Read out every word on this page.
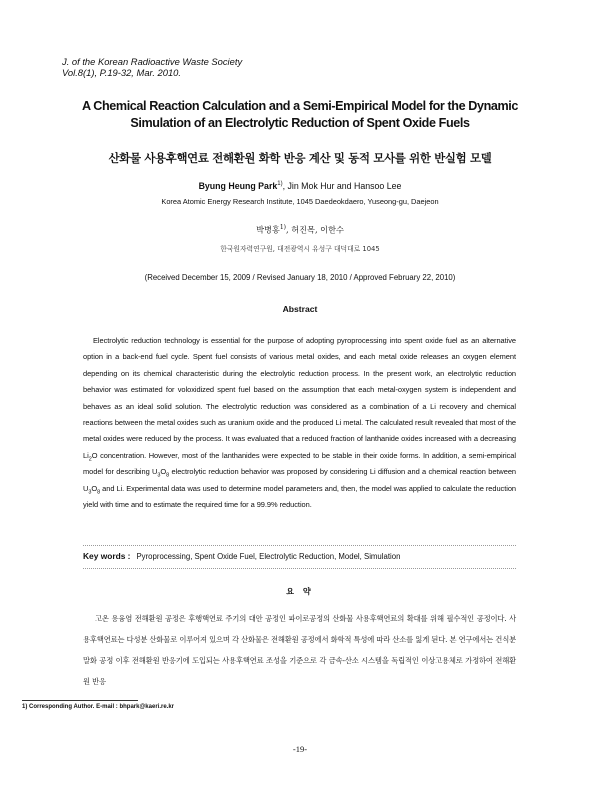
J. of the Korean Radioactive Waste Society
Vol.8(1), P.19-32, Mar. 2010.
A Chemical Reaction Calculation and a Semi-Empirical Model for the Dynamic
Simulation of an Electrolytic Reduction of Spent Oxide Fuels
산화물 사용후핵연료 전해환원 화학 반응 계산 및 동적 모사를 위한 반실험 모델
Byung Heung Park$^{1)}$, Jin Mok Hur and Hansoo Lee
Korea Atomic Energy Research Institute, 1045 Daedeokdaero, Yuseong-gu, Daejeon
박병홍$^{1)}$, 허진목, 이한수
한국원자력연구원, 대전광역시 유성구 대덕대로 1045
(Received December 15, 2009 / Revised January 18, 2010 / Approved February 22, 2010)
Abstract

Electrolytic reduction technology is essential for the purpose of adopting pyroprocessing into spent oxide fuel as an alternative option in a back-end fuel cycle. Spent fuel consists of various metal oxides, and each metal oxide releases an oxygen element depending on its chemical characteristic during the electrolytic reduction process. In the present work, an electrolytic reduction behavior was estimated for voloxidized spent fuel based on the assumption that each metal-oxygen system is independent and behaves as an ideal solid solution. The electrolytic reduction was considered as a combination of a Li recovery and chemical reactions between the metal oxides such as uranium oxide and the produced Li metal. The calculated result revealed that most of the metal oxides were reduced by the process. It was evaluated that a reduced fraction of lanthanide oxides increased with a decreasing $Li_2O$ concentration. However, most of the lanthanides were expected to be stable in their oxide forms. In addition, a semi-empirical model for describing $U_3O_8$ electrolytic reduction behavior was proposed by considering Li diffusion and a chemical reaction between $U_3O_8$ and Li. Experimental data was used to determine model parameters and, then, the model was applied to calculate the reduction yield with time and to estimate the required time for a 99.9% reduction.

Key words : Pyroprocessing, Spent Oxide Fuel, Electrolytic Reduction, Model, Simulation
요 약

고온 용융염 전해환원 공정은 후행핵연료 주기의 대안 공정인 파이로공정의 산화물 사용후핵연료의 확대를 위해 필수적인 공정이다. 사용후핵연료는 다성분 산화물로 이루어져 있으며 각 산화물은 전해환원 공정에서 화학적 특성에 따라 산소를 잃게 된다. 본 연구에서는 건식분말화 공정 이후 전해환원 반응기에 도입되는 사용후핵연료 조성을 기준으로 각 금속-산소 시스템을 독립적인 이상고용체로 가정하여 전해환원 반응

1) Corresponding Author. E-mail : bhpark@kaeri.re.kr
-19-
